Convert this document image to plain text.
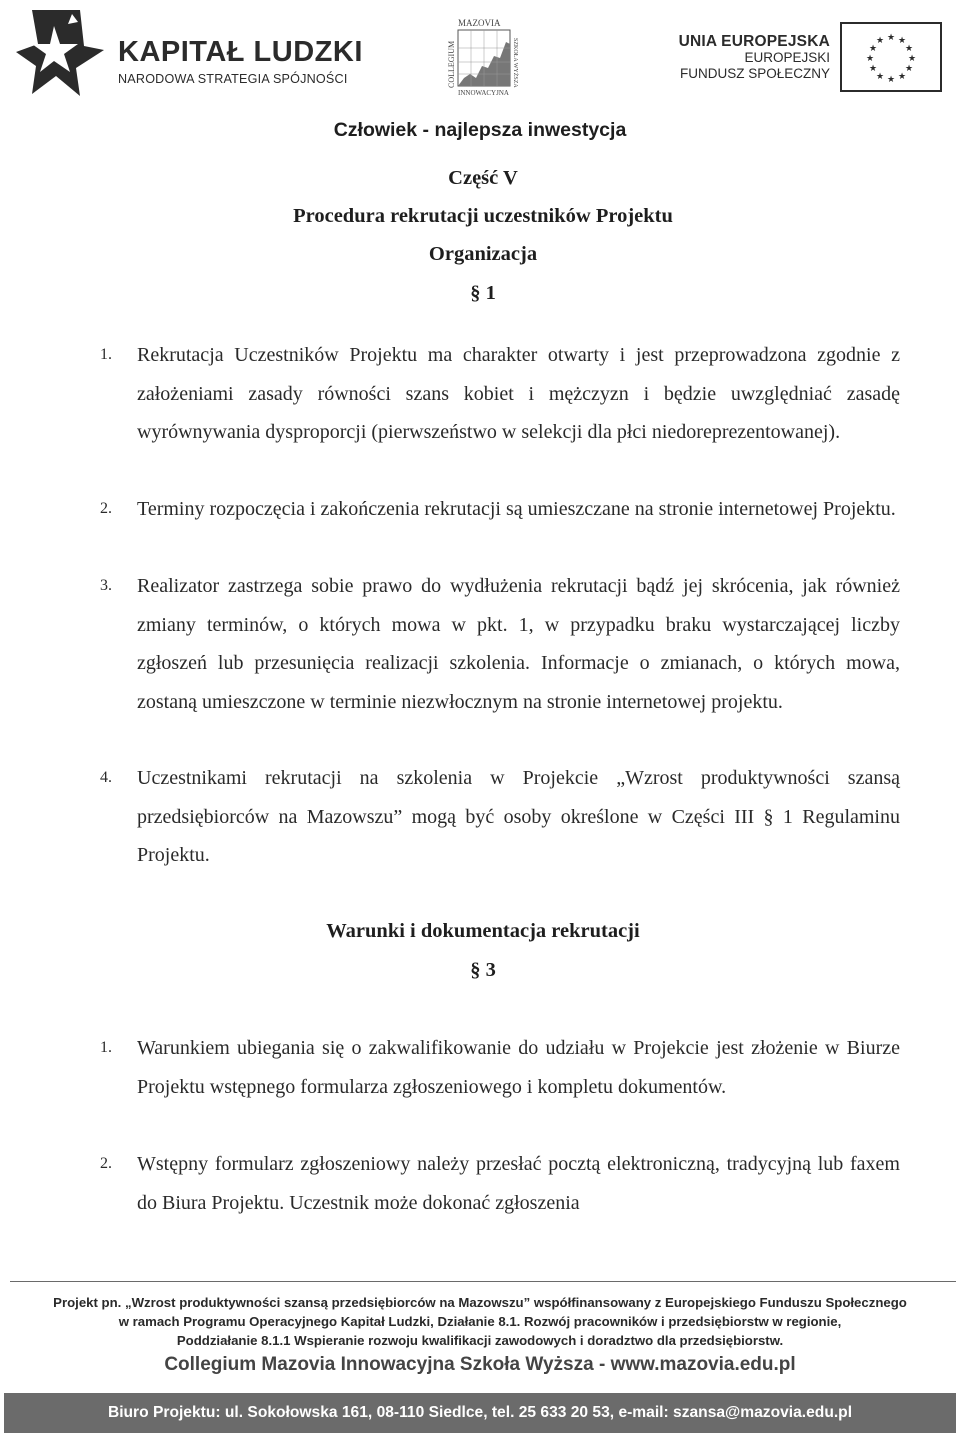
KAPITAŁ LUDZKI
NARODOWA STRATEGIA SPÓJNOŚCI
MAZOVIA
COLLEGIUM	SZKOŁA WYŻSZA
INNOWACYJNA
UNIA EUROPEJSKA
EUROPEJSKI
FUNDUSZ SPOŁECZNY
★ ★
★
★
★
★
★
★
★
★
★
★
Człowiek - najlepsza inwestycja
Część V
Procedura rekrutacji uczestników Projektu
Organizacja
§ 1
1. Rekrutacja Uczestników Projektu ma charakter otwarty i jest przeprowadzona zgodnie z założeniami zasady równości szans kobiet i mężczyzn i będzie uwzględniać zasadę wyrównywania dysproporcji (pierwszeństwo w selekcji dla płci niedoreprezentowanej).
2. Terminy rozpoczęcia i zakończenia rekrutacji są umieszczane na stronie internetowej Projektu.
3. Realizator zastrzega sobie prawo do wydłużenia rekrutacji bądź jej skrócenia, jak również zmiany terminów, o których mowa w pkt. 1, w przypadku braku wystarczającej liczby zgłoszeń lub przesunięcia realizacji szkolenia. Informacje o zmianach, o których mowa, zostaną umieszczone w terminie niezwłocznym na stronie internetowej projektu.
4. Uczestnikami rekrutacji na szkolenia w Projekcie „Wzrost produktywności szansą przedsiębiorców na Mazowszu” mogą być osoby określone w Części III § 1 Regulaminu Projektu.
Warunki i dokumentacja rekrutacji
§ 3
1. Warunkiem ubiegania się o zakwalifikowanie do udziału w Projekcie jest złożenie w Biurze Projektu wstępnego formularza zgłoszeniowego i kompletu dokumentów.
2. Wstępny formularz zgłoszeniowy należy przesłać pocztą elektroniczną, tradycyjną lub faxem do Biura Projektu. Uczestnik może dokonać zgłoszenia
Projekt pn. „Wzrost produktywności szansą przedsiębiorców na Mazowszu” współfinansowany z Europejskiego Funduszu Społecznego
w ramach Programu Operacyjnego Kapitał Ludzki, Działanie 8.1. Rozwój pracowników i przedsiębiorstw w regionie,
Poddziałanie 8.1.1 Wspieranie rozwoju kwalifikacji zawodowych i doradztwo dla przedsiębiorstw.
Collegium Mazovia Innowacyjna Szkoła Wyższa - www.mazovia.edu.pl
Biuro Projektu: ul. Sokołowska 161, 08-110 Siedlce, tel. 25 633 20 53, e-mail: szansa@mazovia.edu.pl
